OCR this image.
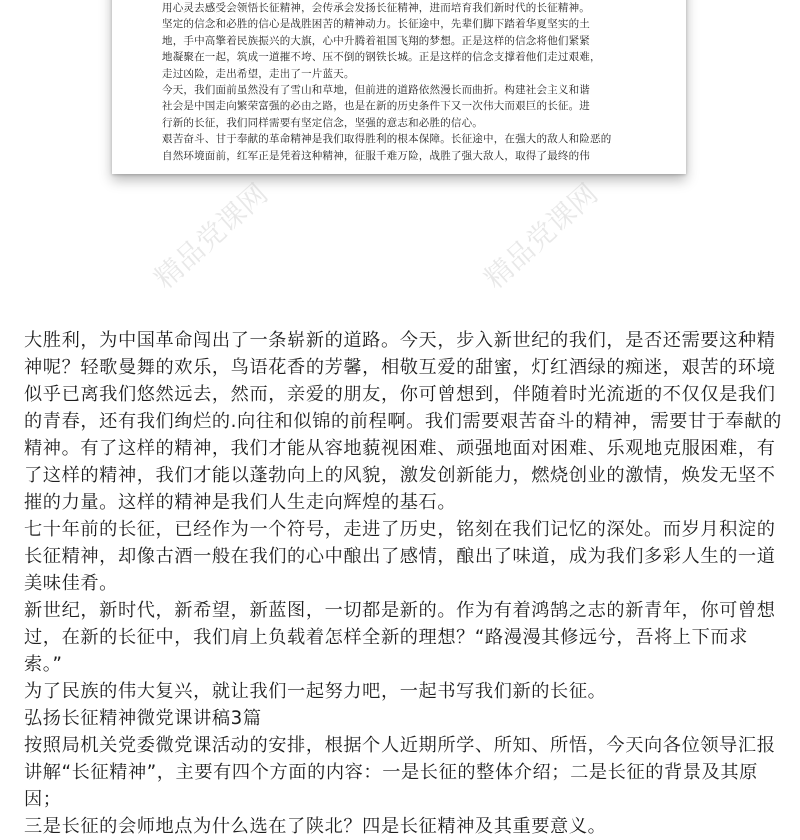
用心灵去感受会领悟长征精神，会传承会发扬长征精神，进而培育我们新时代的长征精神。

坚定的信念和必胜的信心是战胜困苦的精神动力。长征途中，先辈们脚下踏着华夏坚实的土

地，手中高擎着民族振兴的大旗，心中升腾着祖国飞翔的梦想。正是这样的信念将他们紧紧

地凝聚在一起，筑成一道摧不垮、压不倒的钢铁长城。正是这样的信念支撑着他们走过艰难，

走过凶险，走出希望，走出了一片蓝天。

今天，我们面前虽然没有了雪山和草地，但前进的道路依然漫长而曲折。构建社会主义和谐

社会是中国走向繁荣富强的必由之路，也是在新的历史条件下又一次伟大而艰巨的长征。进

行新的长征，我们同样需要有坚定信念，坚强的意志和必胜的信心。

艰苦奋斗、甘于奉献的革命精神是我们取得胜利的根本保障。长征途中，在强大的敌人和险恶的

自然环境面前，红军正是凭着这种精神，征服千难万险，战胜了强大敌人，取得了最终的伟

精品党课网	精品党课网

大胜利，为中国革命闯出了一条崭新的道路。今天，步入新世纪的我们，是否还需要这种精

神呢？轻歌曼舞的欢乐，鸟语花香的芳馨，相敬互爱的甜蜜，灯红酒绿的痴迷，艰苦的环境

似乎已离我们悠然远去，然而，亲爱的朋友，你可曾想到，伴随着时光流逝的不仅仅是我们

的青春，还有我们绚烂的.向往和似锦的前程啊。我们需要艰苦奋斗的精神，需要甘于奉献的

精神。有了这样的精神，我们才能从容地藐视困难、顽强地面对困难、乐观地克服困难，有

了这样的精神，我们才能以蓬勃向上的风貌，激发创新能力，燃烧创业的激情，焕发无坚不

摧的力量。这样的精神是我们人生走向辉煌的基石。

七十年前的长征，已经作为一个符号，走进了历史，铭刻在我们记忆的深处。而岁月积淀的

长征精神，却像古酒一般在我们的心中酿出了感情，酿出了味道，成为我们多彩人生的一道

美味佳肴。

新世纪，新时代，新希望，新蓝图，一切都是新的。作为有着鸿鹄之志的新青年，你可曾想

过，在新的长征中，我们肩上负载着怎样全新的理想？“路漫漫其修远兮，吾将上下而求索。”

为了民族的伟大复兴，就让我们一起努力吧，一起书写我们新的长征。

弘扬长征精神微党课讲稿3篇

按照局机关党委微党课活动的安排，根据个人近期所学、所知、所悟，今天向各位领导汇报

讲解“长征精神”，主要有四个方面的内容：一是长征的整体介绍；二是长征的背景及其原因；

三是长征的会师地点为什么选在了陕北？四是长征精神及其重要意义。
